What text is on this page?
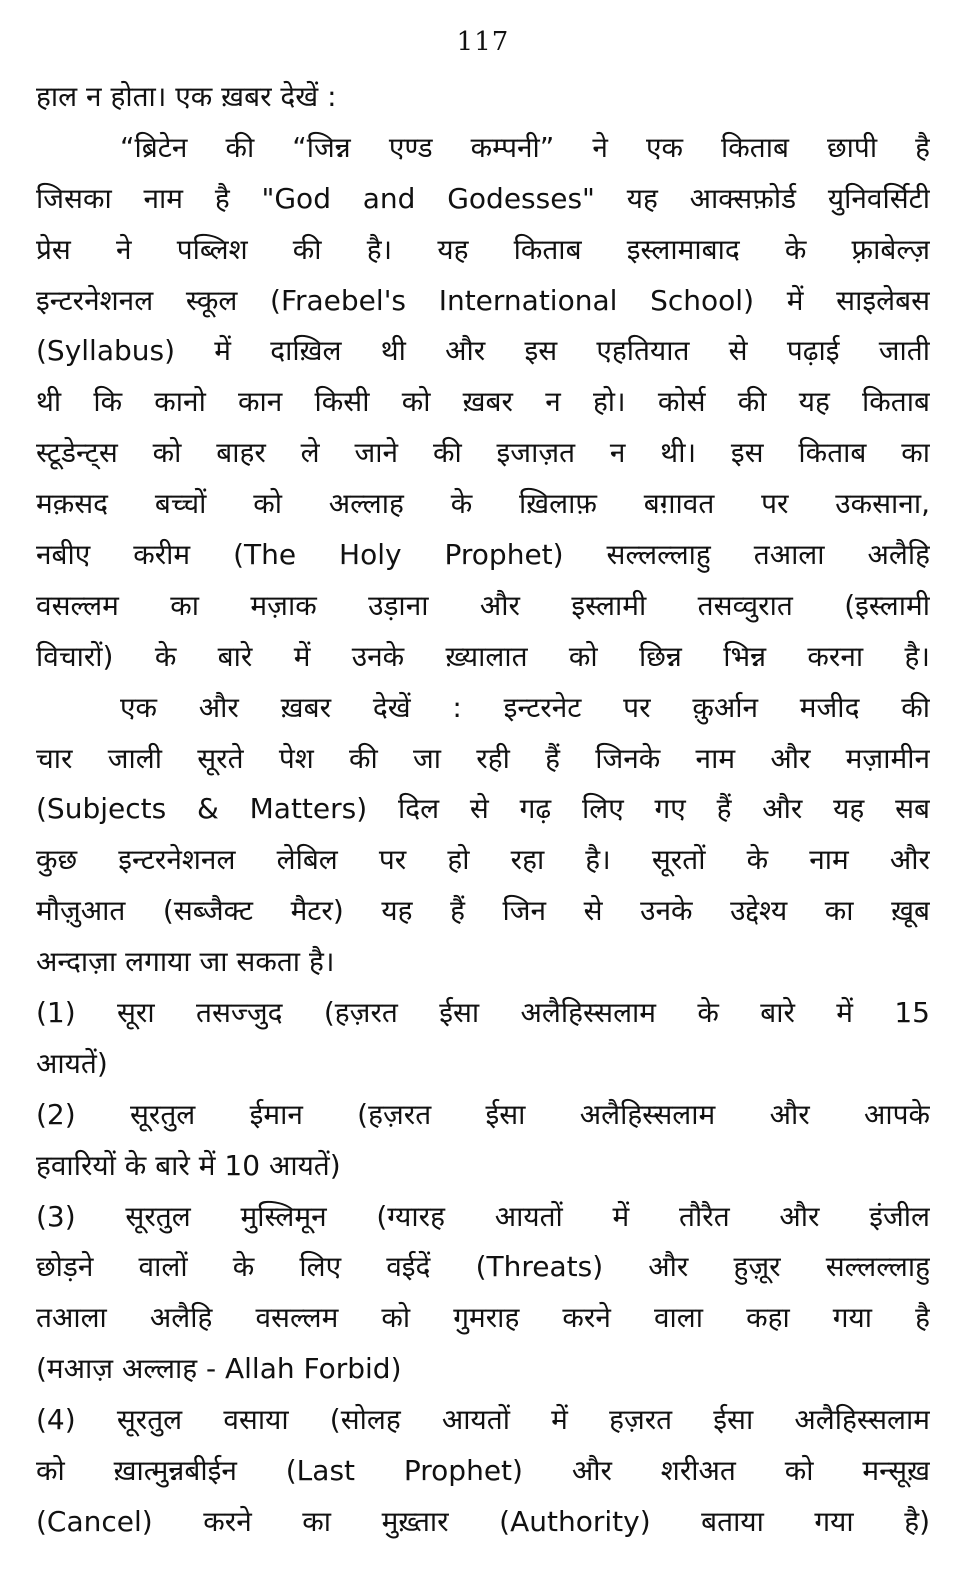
117
हाल न होता। एक ख़बर देखें :
“ब्रिटेन की “जिन्न एण्ड कम्पनी” ने एक किताब छापी है
जिसका नाम है "God and Godesses" यह आक्सफ़ोर्ड युनिवर्सिटी
प्रेस ने पब्लिश की है। यह किताब इस्लामाबाद के फ़्राबेल्ज़
इन्टरनेशनल स्कूल (Fraebel's International School) में साइलेबस
(Syllabus) में दाख़िल थी और इस एहतियात से पढ़ाई जाती
थी कि कानो कान किसी को ख़बर न हो। कोर्स की यह किताब
स्टूडेन्ट्स को बाहर ले जाने की इजाज़त न थी। इस किताब का
मक़सद बच्चों को अल्लाह के ख़िलाफ़ बग़ावत पर उकसाना,
नबीए करीम (The Holy Prophet) सल्लल्लाहु तआला अलैहि
वसल्लम का मज़ाक उड़ाना और इस्लामी तसव्वुरात (इस्लामी
विचारों) के बारे में उनके ख़्यालात को छिन्न भिन्न करना है।
एक और ख़बर देखें : इन्टरनेट पर क़ुर्आन मजीद की
चार जाली सूरते पेश की जा रही हैं जिनके नाम और मज़ामीन
(Subjects & Matters) दिल से गढ़ लिए गए हैं और यह सब
कुछ इन्टरनेशनल लेबिल पर हो रहा है। सूरतों के नाम और
मौज़ुआत (सब्जैक्ट मैटर) यह हैं जिन से उनके उद्देश्य का ख़ूब
अन्दाज़ा लगाया जा सकता है।
(1) सूरा तसज्जुद (हज़रत ईसा अलैहिस्सलाम के बारे में 15
आयतें)
(2) सूरतुल ईमान (हज़रत ईसा अलैहिस्सलाम और आपके
हवारियों के बारे में 10 आयतें)
(3) सूरतुल मुस्लिमून (ग्यारह आयतों में तौरैत और इंजील
छोड़ने वालों के लिए वईदें (Threats) और हुज़ूर सल्लल्लाहु
तआला अलैहि वसल्लम को गुमराह करने वाला कहा गया है
(मआज़ अल्लाह - Allah Forbid)
(4) सूरतुल वसाया (सोलह आयतों में हज़रत ईसा अलैहिस्सलाम
को ख़ात्मुन्नबीईन (Last Prophet) और शरीअत को मन्सूख़
(Cancel) करने का मुख़्तार (Authority) बताया गया है)
